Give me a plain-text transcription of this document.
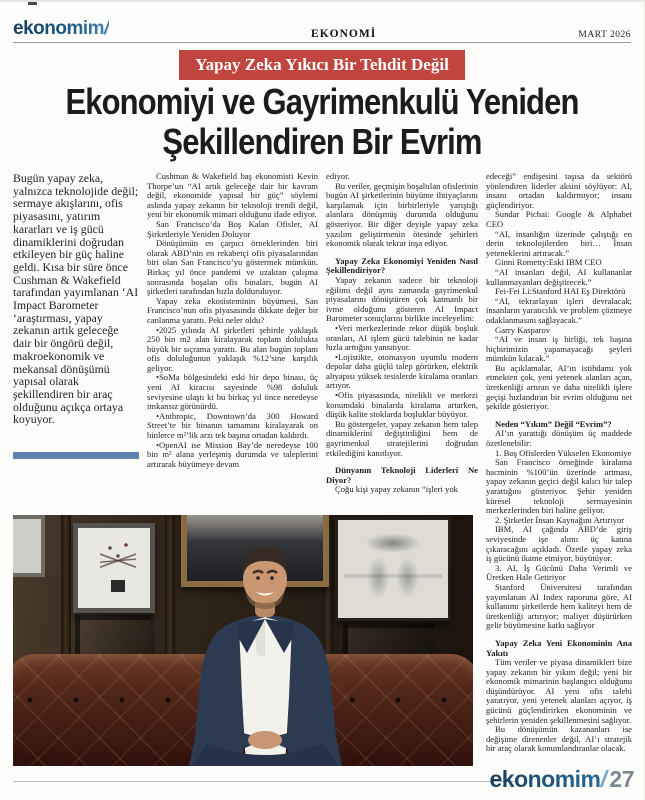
ekonomim/	EKONOMİ	MART 2026
Yapay Zeka Yıkıcı Bir Tehdit Değil
Ekonomiyi ve Gayrimenkulü Yeniden
Şekillendiren Bir Evrim
Bugün yapay zeka, yalnızca teknolojide değil; sermaye akışlarını, ofis piyasasını, yatırım kararları ve iş gücü dinamiklerini doğrudan etkileyen bir güç haline geldi. Kısa bir süre önce Cushman & Wakefield tarafından yayımlanan ‘AI Impact Barometer ‘araştırması, yapay zekanın artık geleceğe dair bir öngörü değil, makroekonomik ve mekansal dönüşümü yapısal olarak şekillendiren bir araç olduğunu açıkça ortaya koyuyor.

Cushman & Wakefield baş ekonomisti Kevin Thorpe’un “AI artık geleceğe dair bir kavram değil, ekonomide yapısal bir güç” söylemi aslında yapay zekanın bir teknoloji trendi değil, yeni bir ekonomik mimari olduğunu ifade ediyor.

San Francisco’da Boş Kalan Ofisler, AI Şirketleriyle Yeniden Doluyor

Dönüşümün en çarpıcı örneklerinden biri olarak ABD’nin en rekabetçi ofis piyasalarından biri olan San Francisco’yu göstermek mümkün. Birkaç yıl önce pandemi ve uzaktan çalışma sonrasında boşalan ofis binaları, bugün AI şirketleri tarafından hızla dolduruluyor.

Yapay zeka ekosisteminin büyümesi, San Francisco’nun ofis piyasasında dikkate değer bir canlanma yarattı. Peki neler oldu?

•2025 yılında AI şirketleri şehirde yaklaşık 250 bin m2 alan kiralayarak toplam dolulukta büyük bir sıçrama yarattı. Bu alan bugün toplam ofis doluluğunun yaklaşık %12’sine karşılık geliyor.

•SoMa bölgesindeki eski bir depo binası, üç yeni AI kiracısı sayesinde %98 doluluk seviyesine ulaştı ki bu birkaç yıl önce neredeyse imkansız görünürdü.

•Anthropic, Downtown’da 300 Howard Street’te bir binanın tamamını kiralayarak on binlerce m²’lik arzı tek başına ortadan kaldırdı.

•OpenAI ise Mission Bay’de neredeyse 100 bin m² alana yerleşmiş durumda ve taleplerini artırarak büyümeye devam

ediyor.

Bu veriler, geçmişin boşaltılan ofislerinin bugün AI şirketlerinin büyüme ihtiyaçlarını karşılamak için birbirleriyle yarıştığı alanlara dönüşmüş durumda olduğunu gösteriyor. Bir diğer deyişle yapay zeka yazılım geliştirmenin ötesinde şehirleri ekonomik olarak tekrar inşa ediyor.

Yapay Zeka Ekonomiyi Yeniden Nasıl Şekillendiriyor?

Yapay zekanın sadece bir teknoloji eğilimi değil aynı zamanda gayrimenkul piyasalarını dönüştüren çok katmanlı bir ivme olduğunu gösteren AI Impact Barometer sonuçlarını birlikte inceleyelim:

•Veri merkezlerinde rekor düşük boşluk oranları, AI işlem gücü talebinin ne kadar hızla arttığını yansıtıyor.

•Lojistikte, otomasyon uyumlu modern depolar daha güçlü talep görürken, elektrik altyapısı yüksek tesislerde kiralama oranları artıyor.

•Ofis piyasasında, nitelikli ve merkezi konumdaki binalarda kiralama artarken, düşük kalite stoklarda boşluklar büyüyor.

Bu göstergeler, yapay zekanın hem talep dinamiklerini değiştirdiğini hem de gayrimenkul stratejilerini doğrudan etkilediğini kanıtlıyor.

Dünyanın Teknoloji Liderleri Ne Diyor?

Çoğu kişi yapay zekanın “işleri yok

edeceği” endişesini taşısa da sektörü yönlendiren liderler aksini söylüyor: AI, insanı ortadan kaldırmıyor; insanı güçlendiriyor.

Sundar Pichai: Google & Alphabet CEO

“AI, insanlığın üzerinde çalıştığı en derin teknolojilerden biri… İnsan yeteneklerini artıracak.”

Ginni Rometty:Eski IBM CEO

“AI insanları değil, AI kullananlar kullanmayanları değiştirecek.”

Fei-Fei Li:Stanford HAI Eş Direktörü

“AI, tekrarlayan işleri devralacak; insanların yaratıcılık ve problem çözmeye odaklanmasını sağlayacak.”

Garry Kasparov

“AI ve insan iş birliği, tek başına hiçbirimizin yapamayacağı şeyleri mümkün kılacak.”

Bu açıklamalar, AI’ın istihdamı yok etmekten çok, yeni yetenek alanları açan, üretkenliği artıran ve daha nitelikli işlere geçişi hızlandıran bir evrim olduğunu net şekilde gösteriyor.

Neden “Yıkım” Değil “Evrim”?

AI’ın yarattığı dönüşüm üç maddede özetlenebilir:

1. Boş Ofislerden Yükselen Ekonomiye

San Francisco örneğinde kiralama hacminin %100’ün üzerinde artması, yapay zekanın geçici değil kalıcı bir talep yarattığını gösteriyor. Şehir yeniden küresel teknoloji sermayesinin merkezlerinden biri haline geliyor.

2. Şirketler İnsan Kaynağını Artırıyor

IBM, AI çağında ABD’de giriş seviyesinde işe alımı üç katına çıkaracağını açıkladı. Özetle yapay zeka iş gücünü ikame etmiyor, büyütüyor.

3. AI, İş Gücünü Daha Verimli ve Üretken Hale Getiriyor

Stanford Üniversitesi tarafından yayımlanan AI Index raporuna göre, AI kullanımı şirketlerde hem kaliteyi hem de üretkenliği artırıyor; maliyet düşürürken gelir büyümesine katkı sağlıyor

Yapay Zeka Yeni Ekonominin Ana Yakıtı

Tüm veriler ve piyasa dinamikleri bize yapay zekanın bir yıkım değil; yeni bir ekonomik mimarinin başlangıcı olduğunu düşündürüyor. AI yeni ofis talebi yaratıyor, yeni yetenek alanları açıyor, iş gücünü güçlendirirken ekonominin ve şehirlerin yeniden şekillenmesini sağlıyor.

Bu dönüşümün kazananları ise değişime direnenler değil, AI’ı stratejik bir araç olarak konumlandıranlar olacak.

ekonomim/ 27
